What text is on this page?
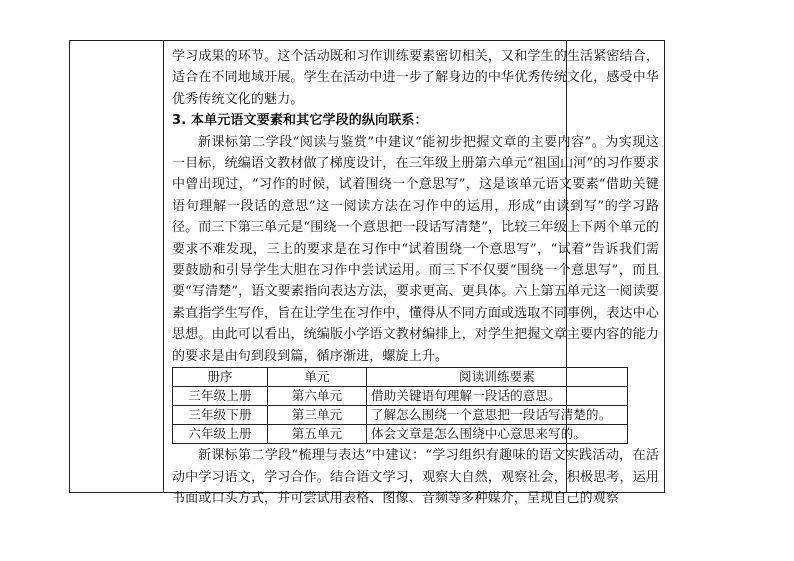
学习成果的环节。这个活动既和习作训练要素密切相关，又和学生的生活紧密结合，适合在不同地域开展。学生在活动中进一步了解身边的中华优秀传统文化，感受中华优秀传统文化的魅力。

3. 本单元语文要素和其它学段的纵向联系：

新课标第二学段“阅读与鉴赏”中建议“能初步把握文章的主要内容”。为实现这一目标，统编语文教材做了梯度设计，在三年级上册第六单元“祖国山河”的习作要求中曾出现过，“习作的时候，试着围绕一个意思写”，这是该单元语文要素“借助关键语句理解一段话的意思”这一阅读方法在习作中的运用，形成“由读到写”的学习路径。而三下第三单元是“围绕一个意思把一段话写清楚”，比较三年级上下两个单元的要求不难发现，三上的要求是在习作中“试着围绕一个意思写”，“试着”告诉我们需要鼓励和引导学生大胆在习作中尝试运用。而三下不仅要“围绕一个意思写”，而且要“写清楚”，语文要素指向表达方法，要求更高、更具体。六上第五单元这一阅读要素直指学生写作，旨在让学生在习作中，懂得从不同方面或选取不同事例，表达中心思想。由此可以看出，统编版小学语文教材编排上，对学生把握文章主要内容的能力的要求是由句到段到篇，循序渐进，螺旋上升。

册序	单元	阅读训练要素
三年级上册	第六单元	借助关键语句理解一段话的意思。
三年级下册	第三单元	了解怎么围绕一个意思把一段话写清楚的。
六年级上册	第五单元	体会文章是怎么围绕中心意思来写的。

新课标第二学段“梳理与表达”中建议：“学习组织有趣味的语文实践活动，在活动中学习语文，学习合作。结合语文学习，观察大自然，观察社会，积极思考，运用书面或口头方式，并可尝试用表格、图像、音频等多种媒介，呈现自己的观察
